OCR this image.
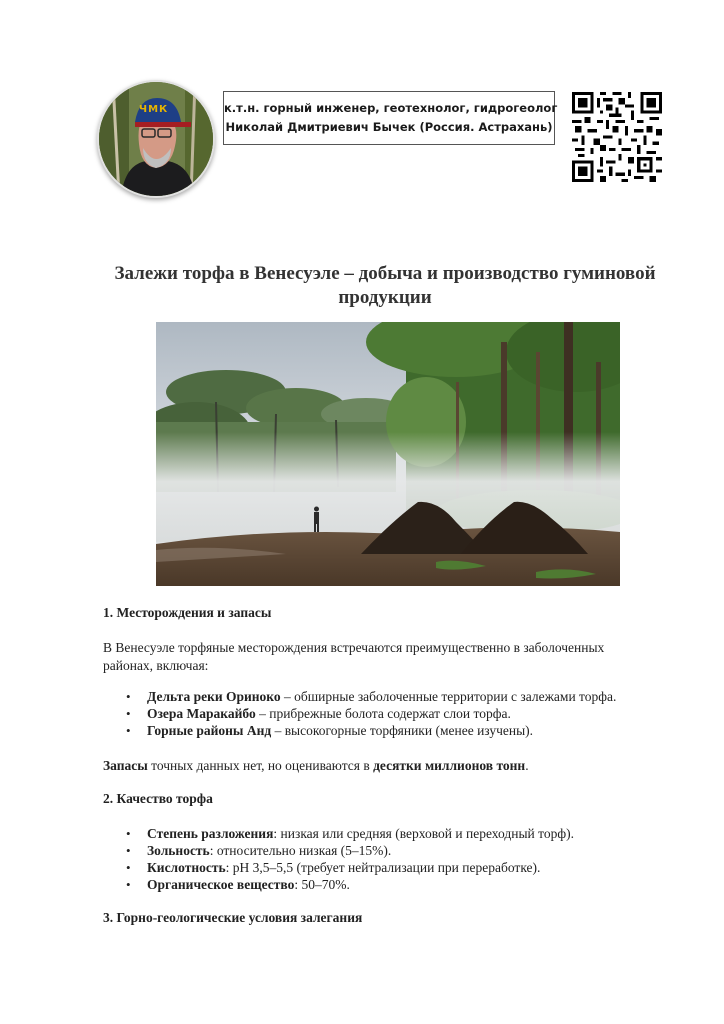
ЧМК	к.т.н. горный инженер, геотехнолог, гидрогеолог
Николай Дмитриевич Бычек (Россия. Астрахань)
Залежи торфа в Венесуэле – добыча и производство гуминовой
продукции
1. Месторождения и запасы
В Венесуэле торфяные месторождения встречаются преимущественно в заболоченных
районах, включая:
• Дельта реки Ориноко – обширные заболоченные территории с залежами торфа.
• Озера Маракайбо – прибрежные болота содержат слои торфа.
• Горные районы Анд – высокогорные торфяники (менее изучены).
Запасы точных данных нет, но оцениваются в десятки миллионов тонн.
2. Качество торфа
• Степень разложения: низкая или средняя (верховой и переходный торф).
• Зольность: относительно низкая (5–15%).
• Кислотность: pH 3,5–5,5 (требует нейтрализации при переработке).
• Органическое вещество: 50–70%.
3. Горно-геологические условия залегания
